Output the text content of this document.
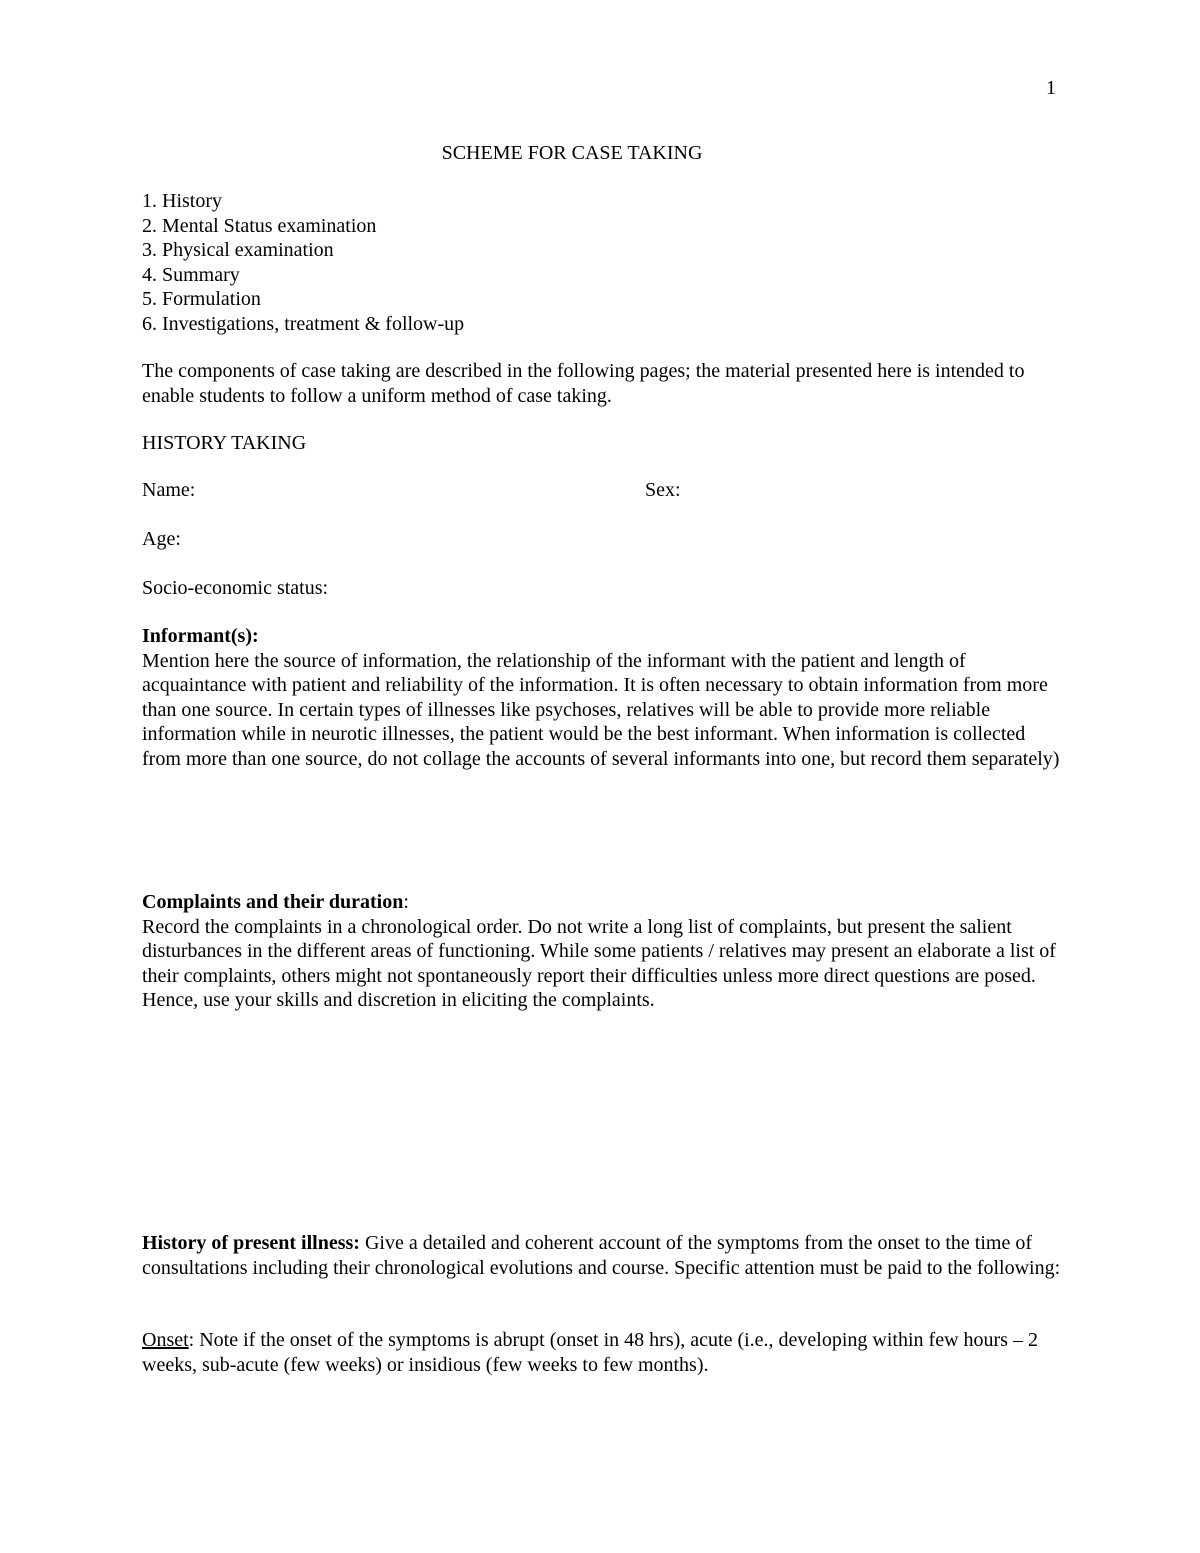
1
SCHEME FOR CASE TAKING
1. History
2. Mental Status examination
3. Physical examination
4. Summary
5. Formulation
6. Investigations, treatment & follow-up

The components of case taking are described in the following pages; the material presented here is intended to enable students to follow a uniform method of case taking.

HISTORY TAKING

Name:	Sex:
Age:
Socio-economic status:

Informant(s):

Mention here the source of information, the relationship of the informant with the patient and length of acquaintance with patient and reliability of the information. It is often necessary to obtain information from more than one source. In certain types of illnesses like psychoses, relatives will be able to provide more reliable information while in neurotic illnesses, the patient would be the best informant. When information is collected from more than one source, do not collage the accounts of several informants into one, but record them separately)

Complaints and their duration:

Record the complaints in a chronological order. Do not write a long list of complaints, but present the salient disturbances in the different areas of functioning. While some patients / relatives may present an elaborate a list of their complaints, others might not spontaneously report their difficulties unless more direct questions are posed. Hence, use your skills and discretion in eliciting the complaints.

History of present illness: Give a detailed and coherent account of the symptoms from the onset to the time of consultations including their chronological evolutions and course. Specific attention must be paid to the following:

Onset: Note if the onset of the symptoms is abrupt (onset in 48 hrs), acute (i.e., developing within few hours – 2 weeks, sub-acute (few weeks) or insidious (few weeks to few months).
